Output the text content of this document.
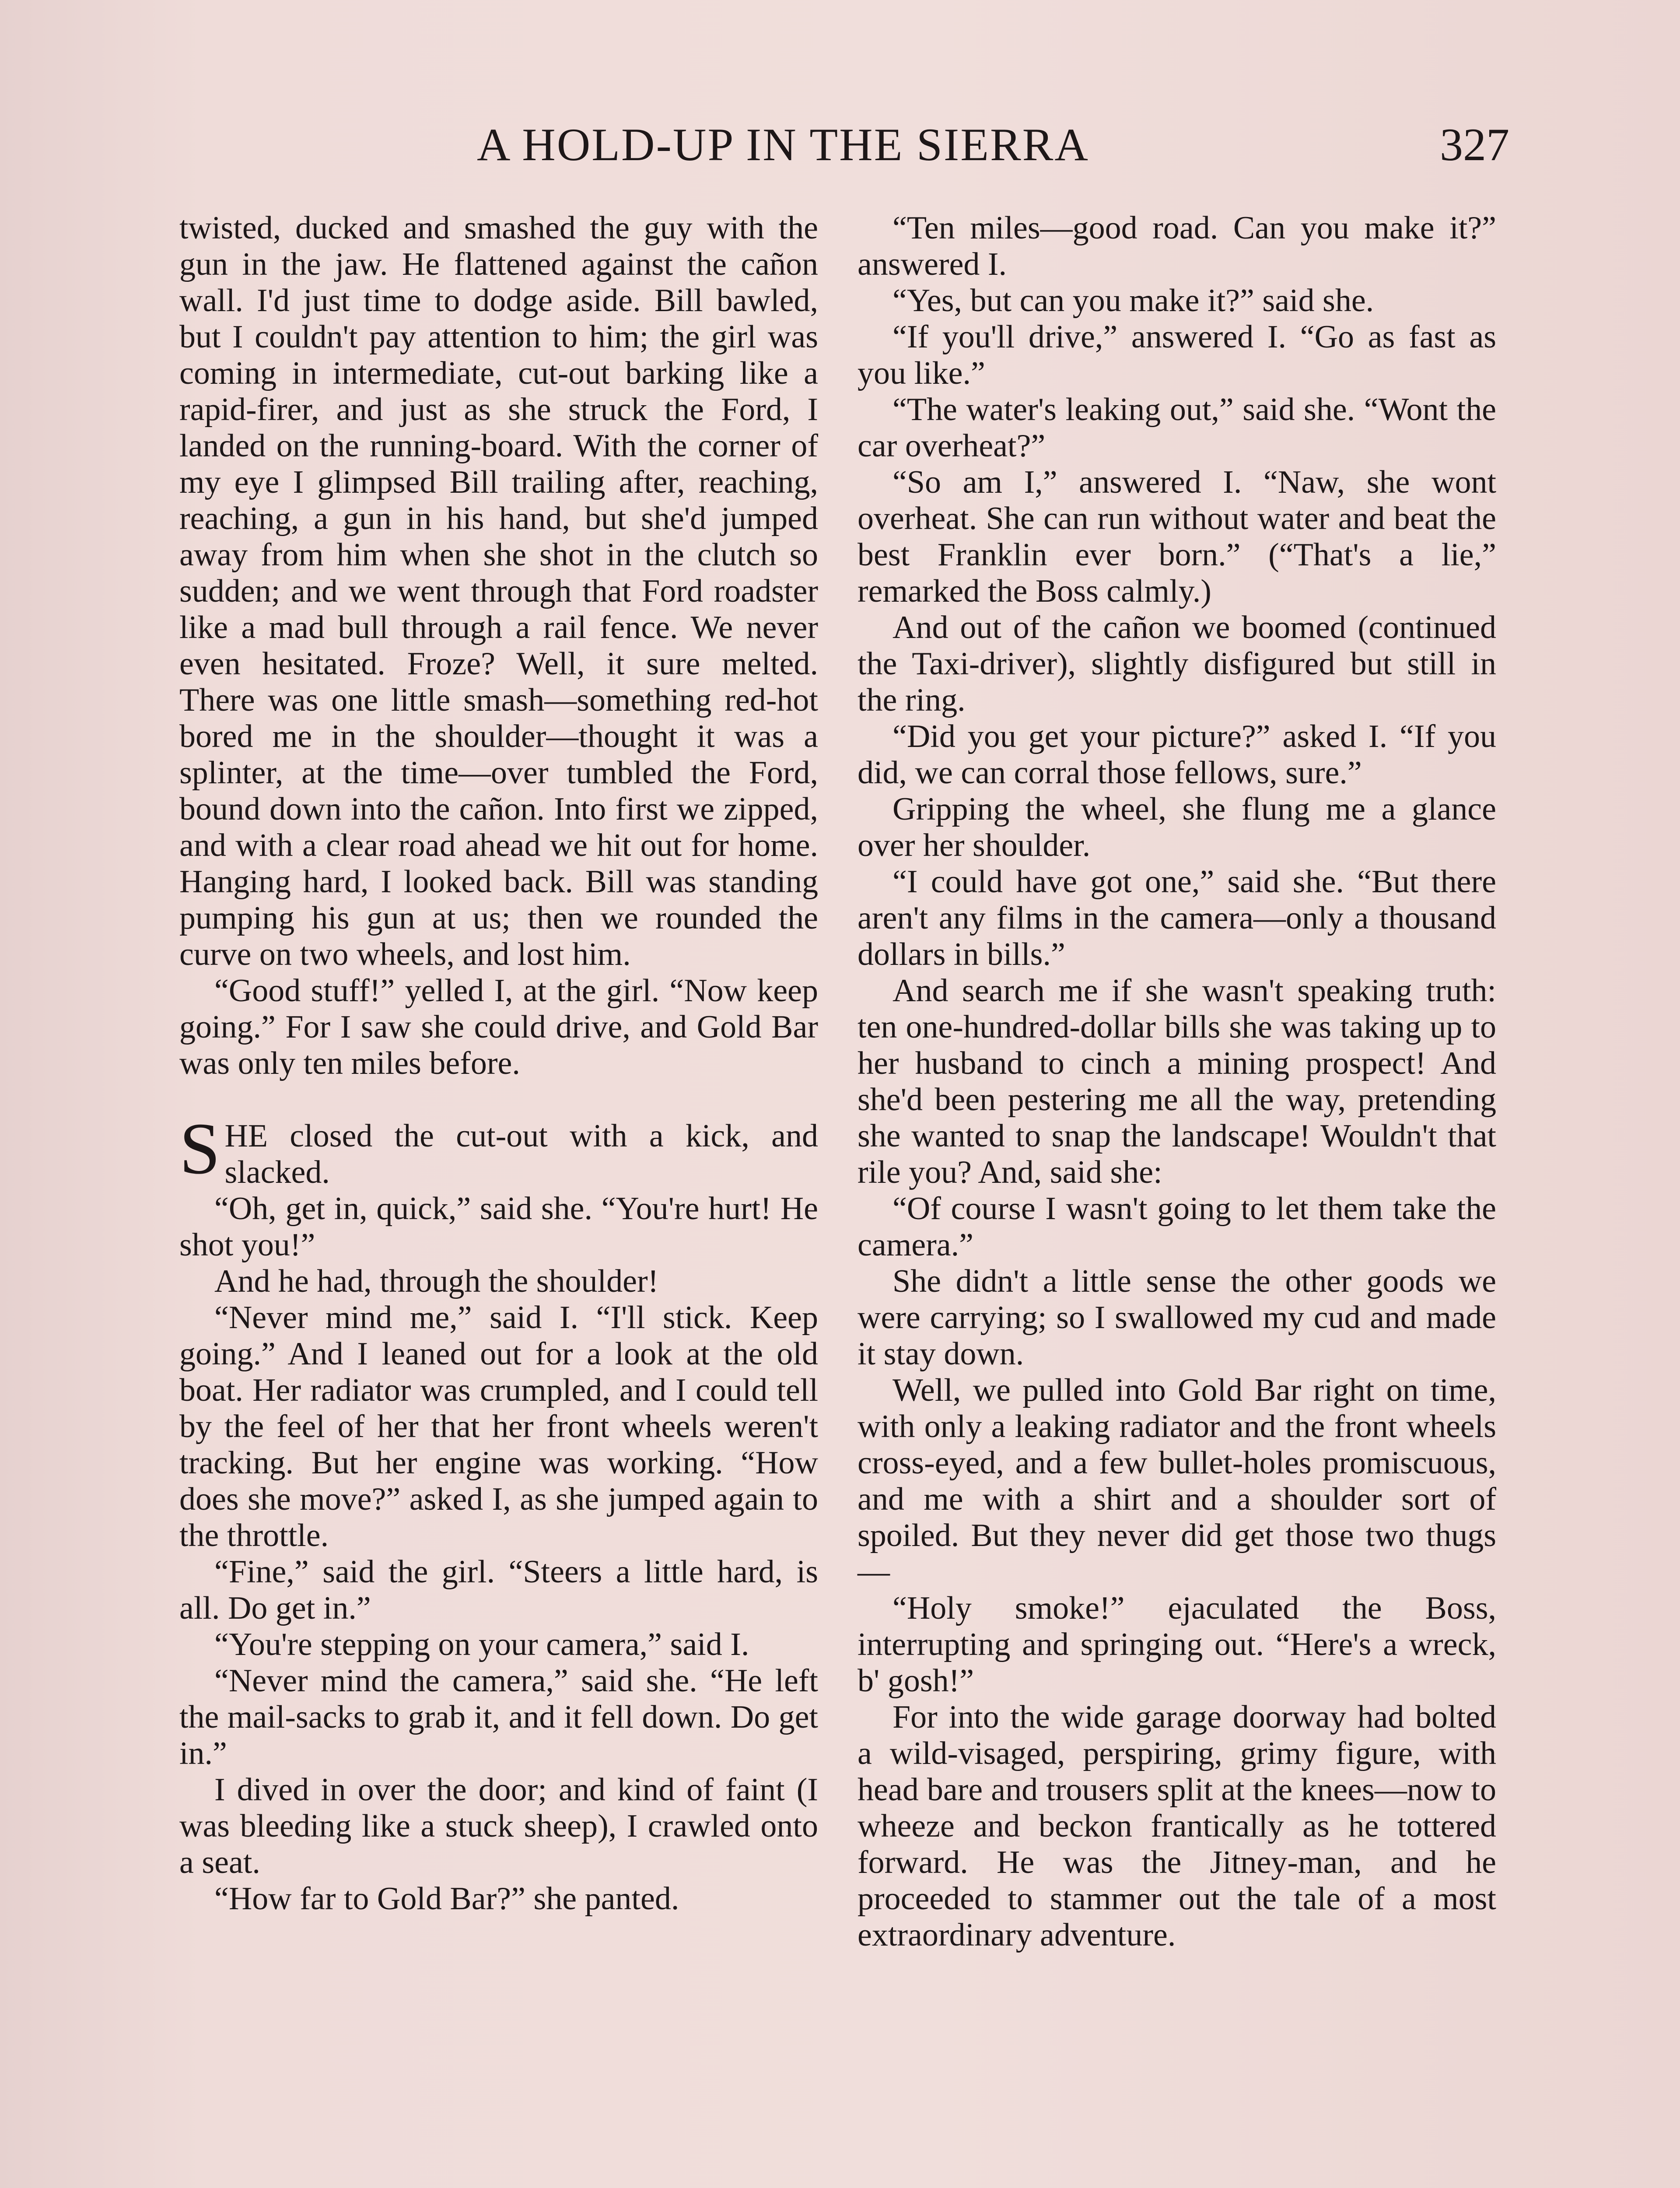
A HOLD-UP IN THE SIERRA	327

twisted, ducked and smashed the guy with the gun in the jaw. He flattened against the cañon wall. I'd just time to dodge aside. Bill bawled, but I couldn't pay attention to him; the girl was coming in intermediate, cut-out barking like a rapid-firer, and just as she struck the Ford, I landed on the running-board. With the corner of my eye I glimpsed Bill trailing after, reaching, reaching, a gun in his hand, but she'd jumped away from him when she shot in the clutch so sudden; and we went through that Ford roadster like a mad bull through a rail fence. We never even hesitated. Froze? Well, it sure melted. There was one little smash—something red-hot bored me in the shoulder—thought it was a splinter, at the time—over tumbled the Ford, bound down into the cañon. Into first we zipped, and with a clear road ahead we hit out for home. Hanging hard, I looked back. Bill was standing pumping his gun at us; then we rounded the curve on two wheels, and lost him.

“Good stuff!” yelled I, at the girl. “Now keep going.” For I saw she could drive, and Gold Bar was only ten miles before.

SHE closed the cut-out with a kick, and slacked.

“Oh, get in, quick,” said she. “You're hurt! He shot you!”

And he had, through the shoulder!

“Never mind me,” said I. “I'll stick. Keep going.” And I leaned out for a look at the old boat. Her radiator was crumpled, and I could tell by the feel of her that her front wheels weren't tracking. But her engine was working. “How does she move?” asked I, as she jumped again to the throttle.

“Fine,” said the girl. “Steers a little hard, is all. Do get in.”

“You're stepping on your camera,” said I.

“Never mind the camera,” said she. “He left the mail-sacks to grab it, and it fell down. Do get in.”

I dived in over the door; and kind of faint (I was bleeding like a stuck sheep), I crawled onto a seat.

“How far to Gold Bar?” she panted.

“Ten miles—good road. Can you make it?” answered I.

“Yes, but can you make it?” said she.

“If you'll drive,” answered I. “Go as fast as you like.”

“The water's leaking out,” said she. “Wont the car overheat?”

“So am I,” answered I. “Naw, she wont overheat. She can run without water and beat the best Franklin ever born.” (“That's a lie,” remarked the Boss calmly.)

And out of the cañon we boomed (continued the Taxi-driver), slightly disfigured but still in the ring.

“Did you get your picture?” asked I. “If you did, we can corral those fellows, sure.”

Gripping the wheel, she flung me a glance over her shoulder.

“I could have got one,” said she. “But there aren't any films in the camera—only a thousand dollars in bills.”

And search me if she wasn't speaking truth: ten one-hundred-dollar bills she was taking up to her husband to cinch a mining prospect! And she'd been pestering me all the way, pretending she wanted to snap the landscape! Wouldn't that rile you? And, said she:

“Of course I wasn't going to let them take the camera.”

She didn't a little sense the other goods we were carrying; so I swallowed my cud and made it stay down.

Well, we pulled into Gold Bar right on time, with only a leaking radiator and the front wheels cross-eyed, and a few bullet-holes promiscuous, and me with a shirt and a shoulder sort of spoiled. But they never did get those two thugs—

“Holy smoke!” ejaculated the Boss, interrupting and springing out. “Here's a wreck, b' gosh!”

For into the wide garage doorway had bolted a wild-visaged, perspiring, grimy figure, with head bare and trousers split at the knees—now to wheeze and beckon frantically as he tottered forward. He was the Jitney-man, and he proceeded to stammer out the tale of a most extraordinary adventure.
